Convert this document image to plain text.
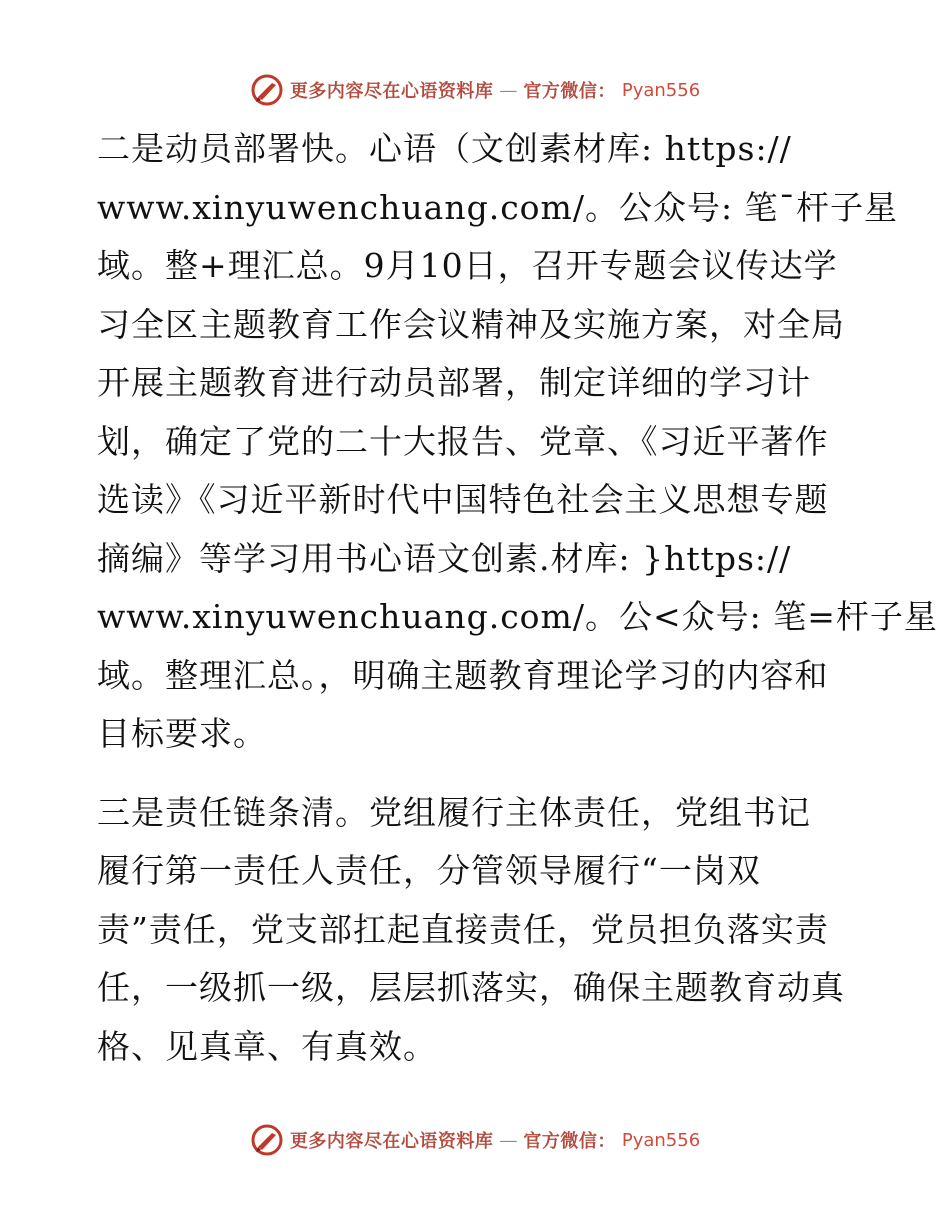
更多内容尽在心语资料库 — 官方微信： Pyan556
二是动员部署快。心语（文创素材库: https://
www.xinyuwenchuang.com/。公众号: 笔¯杆子星
域。整+理汇总。9月10日，召开专题会议传达学
习全区主题教育工作会议精神及实施方案，对全局
开展主题教育进行动员部署，制定详细的学习计
划，确定了党的二十大报告、党章、《习近平著作
选读》《习近平新时代中国特色社会主义思想专题
摘编》等学习用书心语文创素.材库: }https://
www.xinyuwenchuang.com/。公<众号: 笔=杆子星
域。整理汇总。，明确主题教育理论学习的内容和
目标要求。
三是责任链条清。党组履行主体责任，党组书记
履行第一责任人责任，分管领导履行“一岗双
责”责任，党支部扛起直接责任，党员担负落实责
任，一级抓一级，层层抓落实，确保主题教育动真
格、见真章、有真效。
更多内容尽在心语资料库 — 官方微信： Pyan556
